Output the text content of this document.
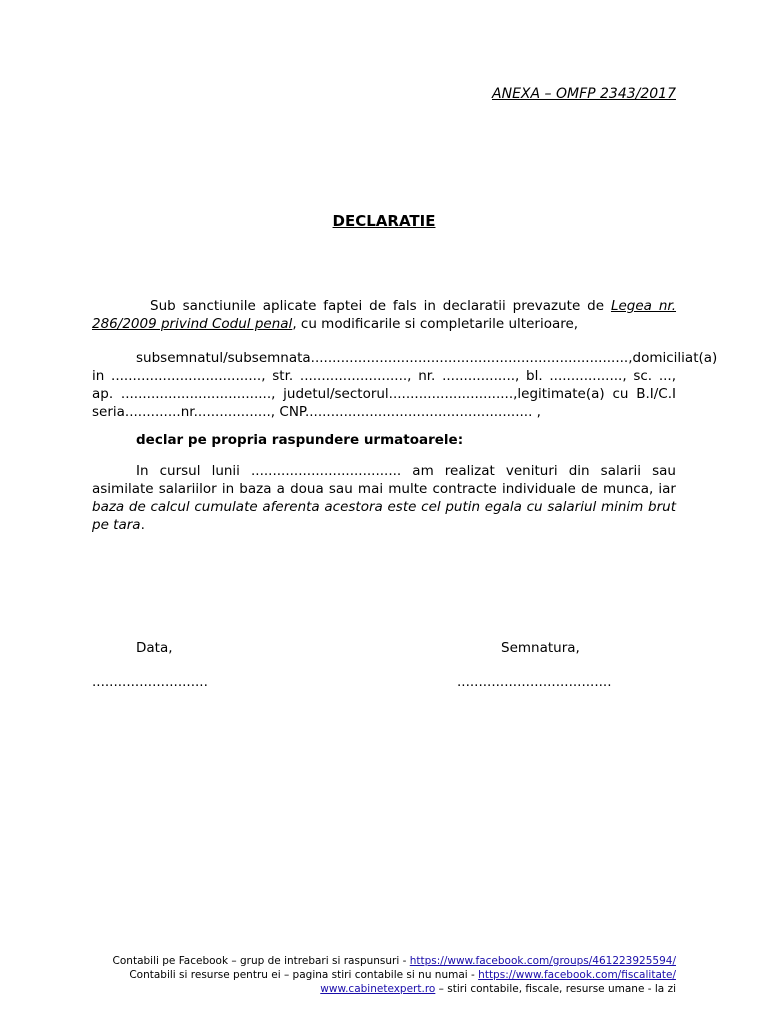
ANEXA – OMFP 2343/2017
DECLARATIE
Sub sanctiunile aplicate faptei de fals in declaratii prevazute de Legea nr. 286/2009 privind Codul penal, cu modificarile si completarile ulterioare,
subsemnatul/subsemnata..........................................................................,domiciliat(a) in ..................................., str. ........................., nr. ................., bl. ................., sc. ..., ap. ..................................., judetul/sectorul.............................,legitimate(a) cu B.I/C.I seria.............nr.................., CNP..................................................... ,
declar pe propria raspundere urmatoarele:
In cursul lunii ................................... am realizat venituri din salarii sau asimilate salariilor in baza a doua sau mai multe contracte individuale de munca, iar baza de calcul cumulate aferenta acestora este cel putin egala cu salariul minim brut pe tara.
Data,	Semnatura,
...........................	....................................
Contabili pe Facebook – grup de intrebari si raspunsuri - https://www.facebook.com/groups/461223925594/
Contabili si resurse pentru ei – pagina stiri contabile si nu numai - https://www.facebook.com/fiscalitate/
www.cabinetexpert.ro – stiri contabile, fiscale, resurse umane - la zi
